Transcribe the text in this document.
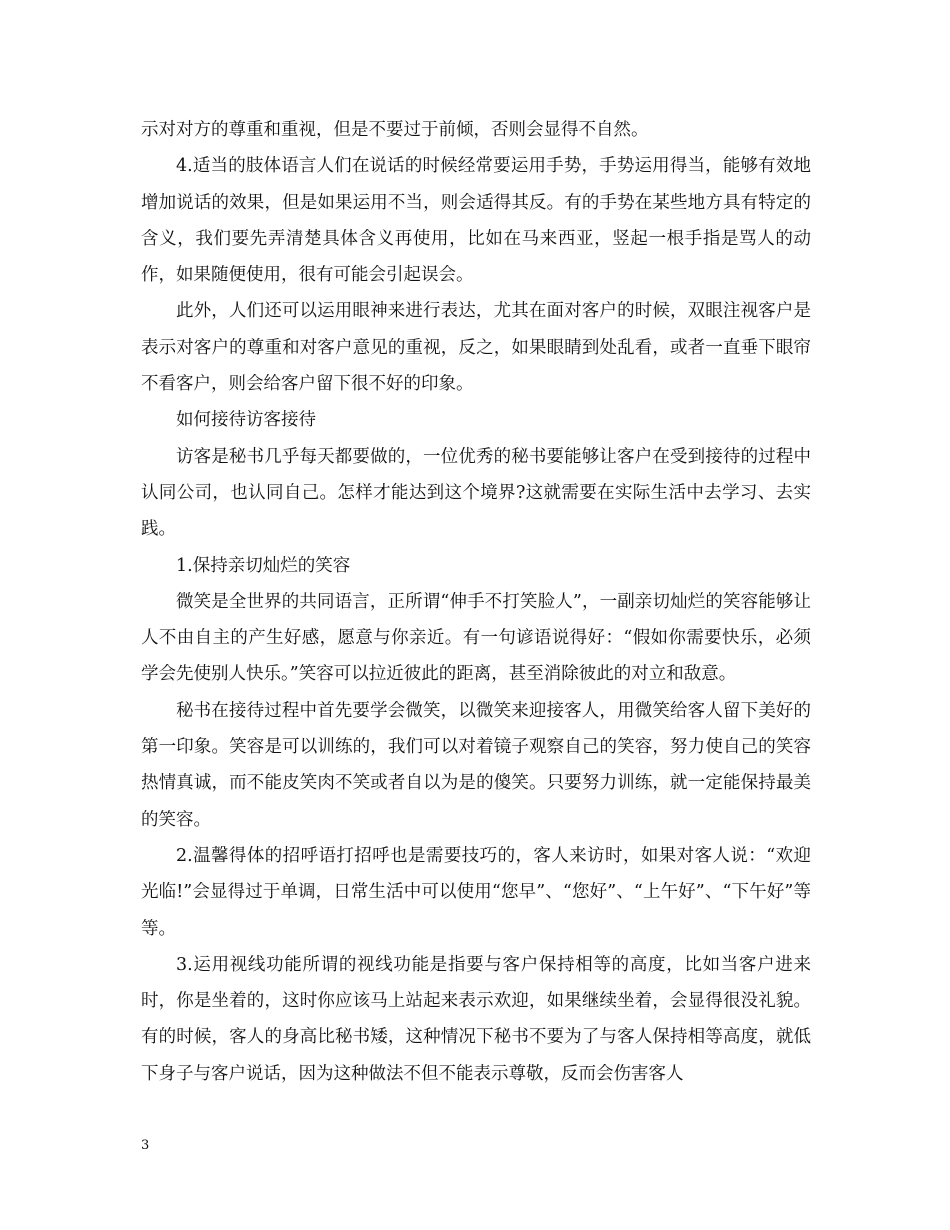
示对对方的尊重和重视，但是不要过于前倾，否则会显得不自然。

4.适当的肢体语言人们在说话的时候经常要运用手势，手势运用得当，能够有效地增加说话的效果，但是如果运用不当，则会适得其反。有的手势在某些地方具有特定的含义，我们要先弄清楚具体含义再使用，比如在马来西亚，竖起一根手指是骂人的动作，如果随便使用，很有可能会引起误会。

此外，人们还可以运用眼神来进行表达，尤其在面对客户的时候，双眼注视客户是表示对客户的尊重和对客户意见的重视，反之，如果眼睛到处乱看，或者一直垂下眼帘不看客户，则会给客户留下很不好的印象。

如何接待访客接待

访客是秘书几乎每天都要做的，一位优秀的秘书要能够让客户在受到接待的过程中认同公司，也认同自己。怎样才能达到这个境界?这就需要在实际生活中去学习、去实践。

1.保持亲切灿烂的笑容

微笑是全世界的共同语言，正所谓“伸手不打笑脸人”，一副亲切灿烂的笑容能够让人不由自主的产生好感，愿意与你亲近。有一句谚语说得好：“假如你需要快乐，必须学会先使别人快乐。”笑容可以拉近彼此的距离，甚至消除彼此的对立和敌意。

秘书在接待过程中首先要学会微笑，以微笑来迎接客人，用微笑给客人留下美好的第一印象。笑容是可以训练的，我们可以对着镜子观察自己的笑容，努力使自己的笑容热情真诚，而不能皮笑肉不笑或者自以为是的傻笑。只要努力训练，就一定能保持最美的笑容。

2.温馨得体的招呼语打招呼也是需要技巧的，客人来访时，如果对客人说：“欢迎光临!”会显得过于单调，日常生活中可以使用“您早”、“您好”、“上午好”、“下午好”等等。

3.运用视线功能所谓的视线功能是指要与客户保持相等的高度，比如当客户进来时，你是坐着的，这时你应该马上站起来表示欢迎，如果继续坐着，会显得很没礼貌。有的时候，客人的身高比秘书矮，这种情况下秘书不要为了与客人保持相等高度，就低下身子与客户说话，因为这种做法不但不能表示尊敬，反而会伤害客人

3
